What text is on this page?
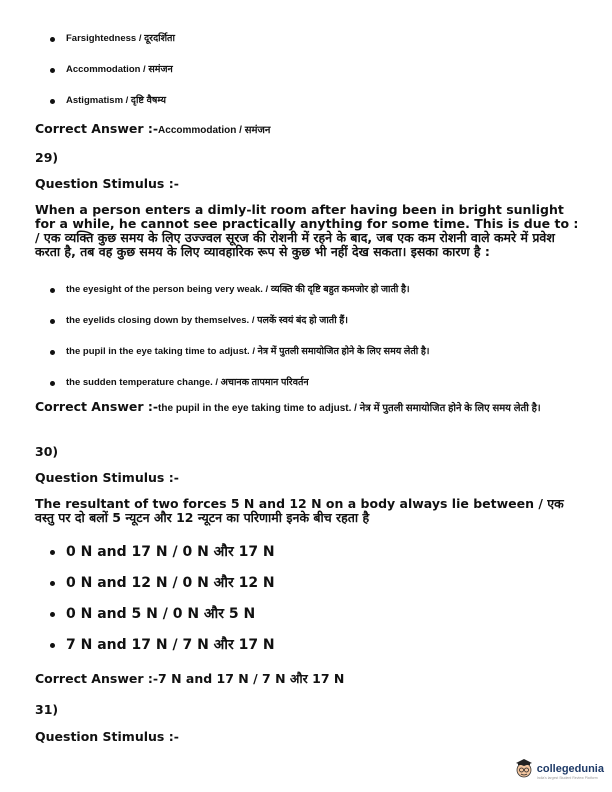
Farsightedness / दूरदर्शिता
Accommodation / समंजन
Astigmatism / दृष्टि वैषम्य
Correct Answer :-Accommodation / समंजन
29)
Question Stimulus :-
When a person enters a dimly-lit room after having been in bright sunlight for a while, he cannot see practically anything for some time. This is due to : / एक व्यक्ति कुछ समय के लिए उज्ज्वल सूरज की रोशनी में रहने के बाद, जब एक कम रोशनी वाले कमरे में प्रवेश करता है, तब वह कुछ समय के लिए व्यावहारिक रूप से कुछ भी नहीं देख सकता। इसका कारण है :
the eyesight of the person being very weak. / व्यक्ति की दृष्टि बहुत कमजोर हो जाती है।
the eyelids closing down by themselves. / पलकें स्वयं बंद हो जाती हैं।
the pupil in the eye taking time to adjust. / नेत्र में पुतली समायोजित होने के लिए समय लेती है।
the sudden temperature change. / अचानक तापमान परिवर्तन
Correct Answer :-the pupil in the eye taking time to adjust. / नेत्र में पुतली समायोजित होने के लिए समय लेती है।
30)
Question Stimulus :-
The resultant of two forces 5 N and 12 N on a body always lie between / एक वस्तु पर दो बलों 5 न्यूटन और 12 न्यूटन का परिणामी इनके बीच रहता है
0 N and 17 N / 0 N और 17 N
0 N and 12 N / 0 N और 12 N
0 N and 5 N / 0 N और 5 N
7 N and 17 N / 7 N और 17 N
Correct Answer :-7 N and 17 N / 7 N और 17 N
31)
Question Stimulus :-
collegedunia
India's largest Student Review Platform
